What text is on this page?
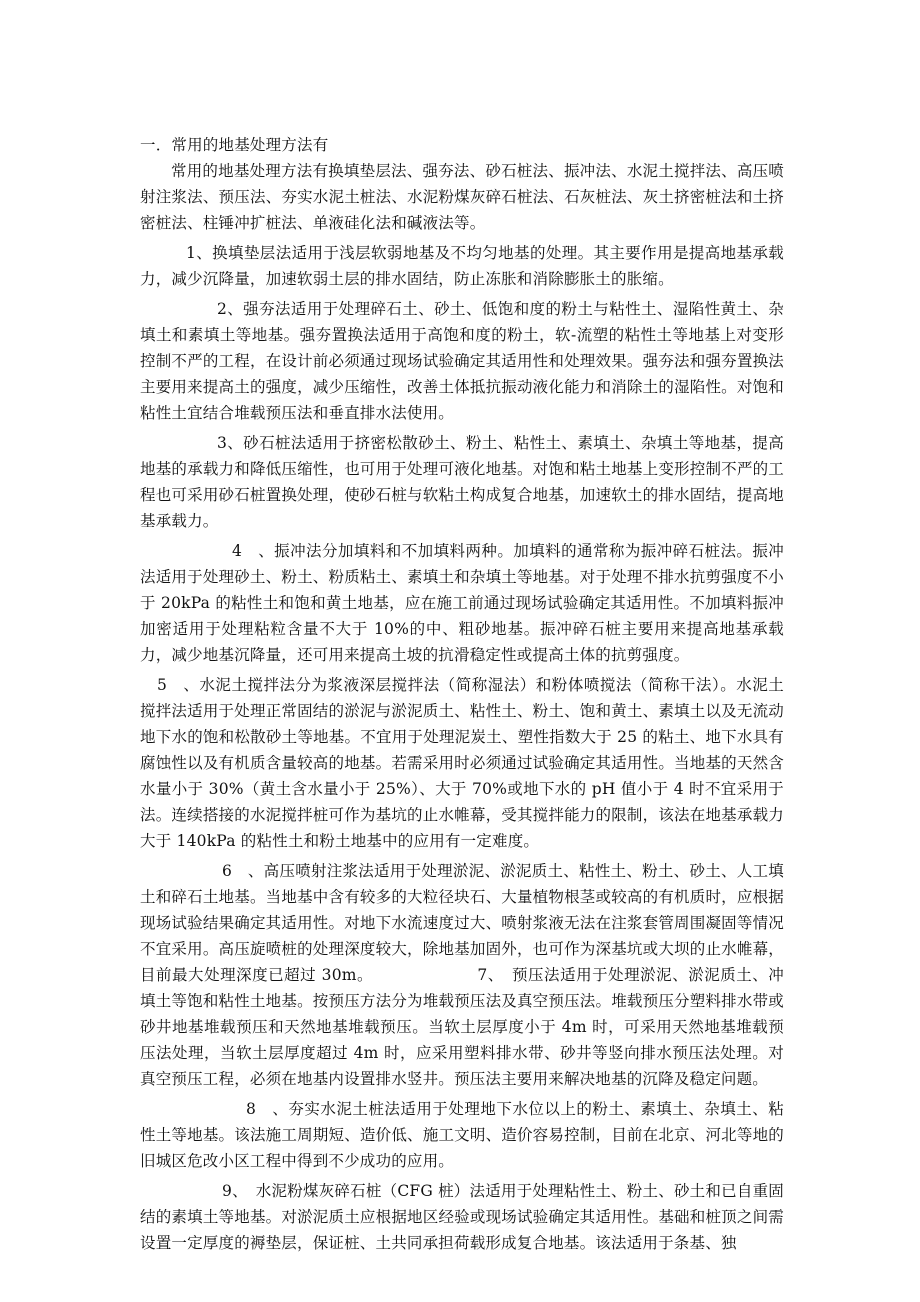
一．常用的地基处理方法有

常用的地基处理方法有换填垫层法、强夯法、砂石桩法、振冲法、水泥土搅拌法、高压喷射注浆法、预压法、夯实水泥土桩法、水泥粉煤灰碎石桩法、石灰桩法、灰土挤密桩法和土挤密桩法、柱锤冲扩桩法、单液硅化法和碱液法等。

1、换填垫层法适用于浅层软弱地基及不均匀地基的处理。其主要作用是提高地基承载力，减少沉降量，加速软弱土层的排水固结，防止冻胀和消除膨胀土的胀缩。

2、强夯法适用于处理碎石土、砂土、低饱和度的粉土与粘性土、湿陷性黄土、杂填土和素填土等地基。强夯置换法适用于高饱和度的粉土，软-流塑的粘性土等地基上对变形控制不严的工程，在设计前必须通过现场试验确定其适用性和处理效果。强夯法和强夯置换法主要用来提高土的强度，减少压缩性，改善土体抵抗振动液化能力和消除土的湿陷性。对饱和粘性土宜结合堆载预压法和垂直排水法使用。

3、砂石桩法适用于挤密松散砂土、粉土、粘性土、素填土、杂填土等地基，提高地基的承载力和降低压缩性，也可用于处理可液化地基。对饱和粘土地基上变形控制不严的工程也可采用砂石桩置换处理，使砂石桩与软粘土构成复合地基，加速软土的排水固结，提高地基承载力。

4　、振冲法分加填料和不加填料两种。加填料的通常称为振冲碎石桩法。振冲法适用于处理砂土、粉土、粉质粘土、素填土和杂填土等地基。对于处理不排水抗剪强度不小于 20kPa 的粘性土和饱和黄土地基，应在施工前通过现场试验确定其适用性。不加填料振冲加密适用于处理粘粒含量不大于 10%的中、粗砂地基。振冲碎石桩主要用来提高地基承载力，减少地基沉降量，还可用来提高土坡的抗滑稳定性或提高土体的抗剪强度。

5　、水泥土搅拌法分为浆液深层搅拌法（简称湿法）和粉体喷搅法（简称干法）。水泥土搅拌法适用于处理正常固结的淤泥与淤泥质土、粘性土、粉土、饱和黄土、素填土以及无流动地下水的饱和松散砂土等地基。不宜用于处理泥炭土、塑性指数大于 25 的粘土、地下水具有腐蚀性以及有机质含量较高的地基。若需采用时必须通过试验确定其适用性。当地基的天然含水量小于 30%（黄土含水量小于 25%）、大于 70%或地下水的 pH 值小于 4 时不宜采用于法。连续搭接的水泥搅拌桩可作为基坑的止水帷幕，受其搅拌能力的限制，该法在地基承载力大于 140kPa 的粘性土和粉土地基中的应用有一定难度。

6　、高压喷射注浆法适用于处理淤泥、淤泥质土、粘性土、粉土、砂土、人工填土和碎石土地基。当地基中含有较多的大粒径块石、大量植物根茎或较高的有机质时，应根据现场试验结果确定其适用性。对地下水流速度过大、喷射浆液无法在注浆套管周围凝固等情况不宜采用。高压旋喷桩的处理深度较大，除地基加固外，也可作为深基坑或大坝的止水帷幕，目前最大处理深度已超过 30m。　　　　　　　7、　预压法适用于处理淤泥、淤泥质土、冲填土等饱和粘性土地基。按预压方法分为堆载预压法及真空预压法。堆载预压分塑料排水带或砂井地基堆载预压和天然地基堆载预压。当软土层厚度小于 4m 时，可采用天然地基堆载预压法处理，当软土层厚度超过 4m 时，应采用塑料排水带、砂井等竖向排水预压法处理。对真空预压工程，必须在地基内设置排水竖井。预压法主要用来解决地基的沉降及稳定问题。

8　、夯实水泥土桩法适用于处理地下水位以上的粉土、素填土、杂填土、粘性土等地基。该法施工周期短、造价低、施工文明、造价容易控制，目前在北京、河北等地的旧城区危改小区工程中得到不少成功的应用。

9、　水泥粉煤灰碎石桩（CFG 桩）法适用于处理粘性土、粉土、砂土和已自重固结的素填土等地基。对淤泥质土应根据地区经验或现场试验确定其适用性。基础和桩顶之间需设置一定厚度的褥垫层，保证桩、土共同承担荷载形成复合地基。该法适用于条基、独
